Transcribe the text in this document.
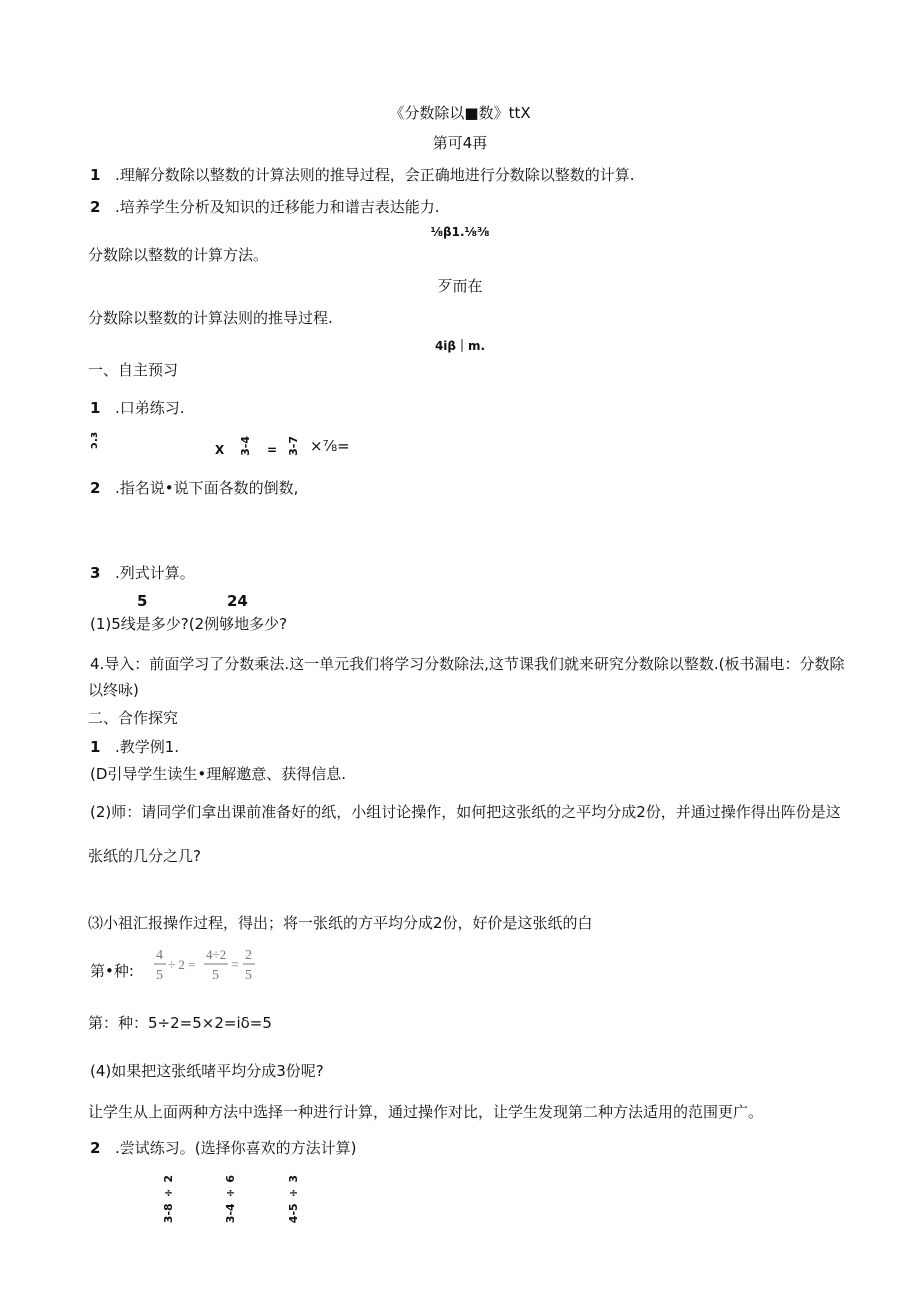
《分数除以■数》ttX
第可4再
1 .理解分数除以整数的计算法则的推导过程，会正确地进行分数除以整数的计算.
2 .培养学生分析及知识的迁移能力和谱吉表达能力.
⅛β1.⅛⅜
分数除以整数的计算方法。
歹而在
分数除以整数的计算法则的推导过程.
4iβ｜m.
一、自主预习
1 .口弟练习.
ɔ.ɜ
X 3-4 = 3-7 ×⅞=
2 .指名说•说下面各数的倒数,
3 .列式计算。
5	24
(1)5线是多少?(2例够地多少?
4.导入：前面学习了分数乘法.这一单元我们将学习分数除法,这节课我们就来研究分数除以整数.(板书漏电：分数除
以终咏)
二、合作探究
1 .教学例1.
(D引导学生读生•理解邀意、获得信息.
(2)师：请同学们拿出课前准备好的纸，小组讨论操作，如何把这张纸的之平均分成2份，并通过操作得出阵份是这
张纸的几分之几?
⑶小祖汇报操作过程，得出；将一张纸的方平均分成2份，好价是这张纸的白
第•种:
4
5
÷ 2 =
4÷2
5
=
2
5
第：种：5÷2=5×2=iδ=5
(4)如果把这张纸啫平均分成3份呢?
让学生从上面两种方法中选择一种进行计算，通过操作对比，让学生发现第二种方法适用的范围更广。
2 .尝试练习。(选择你喜欢的方法计算)
3-8 ÷ 2	3-4 ÷ 6	4-5 ÷ 3
